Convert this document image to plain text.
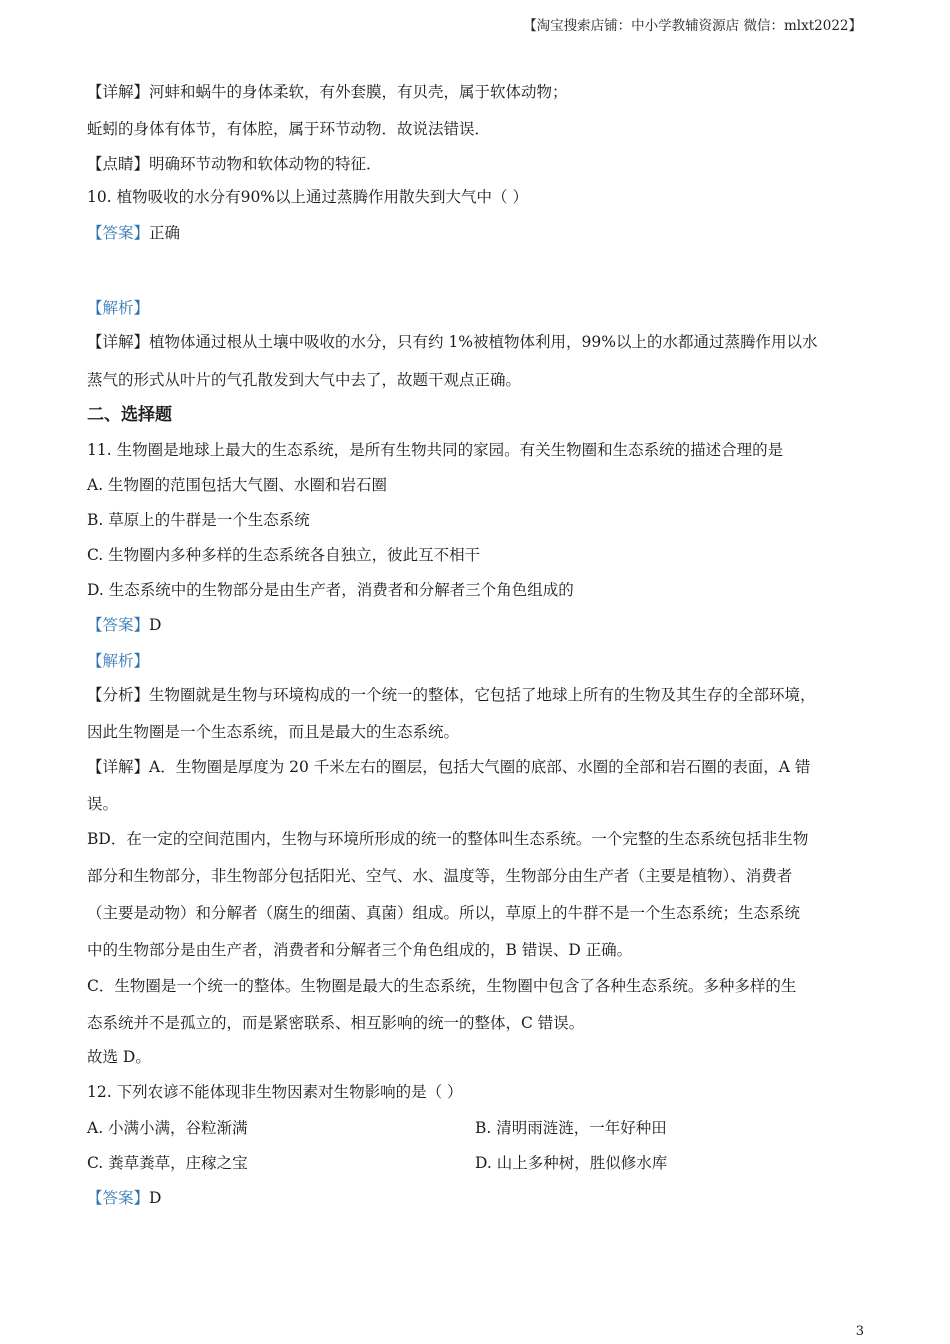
【淘宝搜索店铺：中小学教辅资源店 微信：mlxt2022】
【详解】河蚌和蜗牛的身体柔软，有外套膜，有贝壳，属于软体动物；
蚯蚓的身体有体节，有体腔，属于环节动物．故说法错误．
【点睛】明确环节动物和软体动物的特征．
10. 植物吸收的水分有90%以上通过蒸腾作用散失到大气中（ ）
【答案】正确
【解析】
【详解】植物体通过根从土壤中吸收的水分，只有约 1%被植物体利用，99%以上的水都通过蒸腾作用以水
蒸气的形式从叶片的气孔散发到大气中去了，故题干观点正确。
二、选择题
11. 生物圈是地球上最大的生态系统，是所有生物共同的家园。有关生物圈和生态系统的描述合理的是
A. 生物圈的范围包括大气圈、水圈和岩石圈
B. 草原上的牛群是一个生态系统
C. 生物圈内多种多样的生态系统各自独立，彼此互不相干
D. 生态系统中的生物部分是由生产者，消费者和分解者三个角色组成的
【答案】D
【解析】
【分析】生物圈就是生物与环境构成的一个统一的整体，它包括了地球上所有的生物及其生存的全部环境，
因此生物圈是一个生态系统，而且是最大的生态系统。
【详解】A．生物圈是厚度为 20 千米左右的圈层，包括大气圈的底部、水圈的全部和岩石圈的表面，A 错
误。
BD．在一定的空间范围内，生物与环境所形成的统一的整体叫生态系统。一个完整的生态系统包括非生物
部分和生物部分，非生物部分包括阳光、空气、水、温度等，生物部分由生产者（主要是植物）、消费者
（主要是动物）和分解者（腐生的细菌、真菌）组成。所以，草原上的牛群不是一个生态系统；生态系统
中的生物部分是由生产者，消费者和分解者三个角色组成的，B 错误、D 正确。
C．生物圈是一个统一的整体。生物圈是最大的生态系统，生物圈中包含了各种生态系统。多种多样的生
态系统并不是孤立的，而是紧密联系、相互影响的统一的整体，C 错误。
故选 D。
12. 下列农谚不能体现非生物因素对生物影响的是（ ）
A. 小满小满，谷粒渐满	B. 清明雨涟涟，一年好种田
C. 粪草粪草，庄稼之宝	D. 山上多种树，胜似修水库
【答案】D
3
